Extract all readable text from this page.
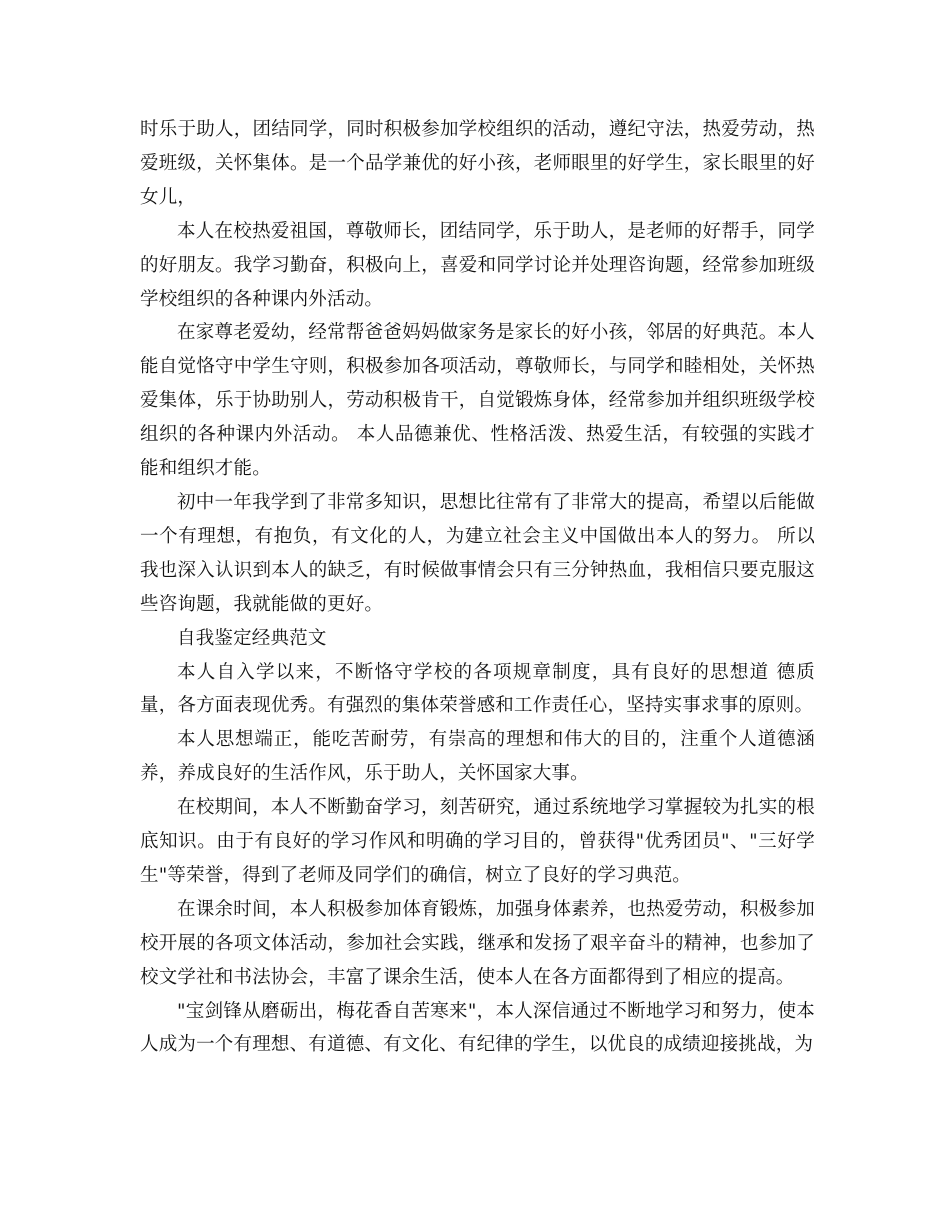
时乐于助人，团结同学，同时积极参加学校组织的活动，遵纪守法，热爱劳动，热爱班级，关怀集体。是一个品学兼优的好小孩，老师眼里的好学生，家长眼里的好女儿，

本人在校热爱祖国，尊敬师长，团结同学，乐于助人，是老师的好帮手，同学的好朋友。我学习勤奋，积极向上，喜爱和同学讨论并处理咨询题，经常参加班级学校组织的各种课内外活动。

在家尊老爱幼，经常帮爸爸妈妈做家务是家长的好小孩，邻居的好典范。本人能自觉恪守中学生守则，积极参加各项活动，尊敬师长，与同学和睦相处，关怀热爱集体，乐于协助别人，劳动积极肯干，自觉锻炼身体，经常参加并组织班级学校组织的各种课内外活动。 本人品德兼优、性格活泼、热爱生活，有较强的实践才能和组织才能。

初中一年我学到了非常多知识，思想比往常有了非常大的提高，希望以后能做一个有理想，有抱负，有文化的人，为建立社会主义中国做出本人的努力。 所以我也深入认识到本人的缺乏，有时候做事情会只有三分钟热血，我相信只要克服这些咨询题，我就能做的更好。

自我鉴定经典范文

本人自入学以来，不断恪守学校的各项规章制度，具有良好的思想道 德质量，各方面表现优秀。有强烈的集体荣誉感和工作责任心，坚持实事求事的原则。

本人思想端正，能吃苦耐劳，有崇高的理想和伟大的目的，注重个人道德涵养，养成良好的生活作风，乐于助人，关怀国家大事。

在校期间，本人不断勤奋学习，刻苦研究，通过系统地学习掌握较为扎实的根底知识。由于有良好的学习作风和明确的学习目的，曾获得"优秀团员"、"三好学生"等荣誉，得到了老师及同学们的确信，树立了良好的学习典范。

在课余时间，本人积极参加体育锻炼，加强身体素养，也热爱劳动，积极参加校开展的各项文体活动，参加社会实践，继承和发扬了艰辛奋斗的精神，也参加了校文学社和书法协会，丰富了课余生活，使本人在各方面都得到了相应的提高。

"宝剑锋从磨砺出，梅花香自苦寒来"，本人深信通过不断地学习和努力，使本人成为一个有理想、有道德、有文化、有纪律的学生，以优良的成绩迎接挑战，为
